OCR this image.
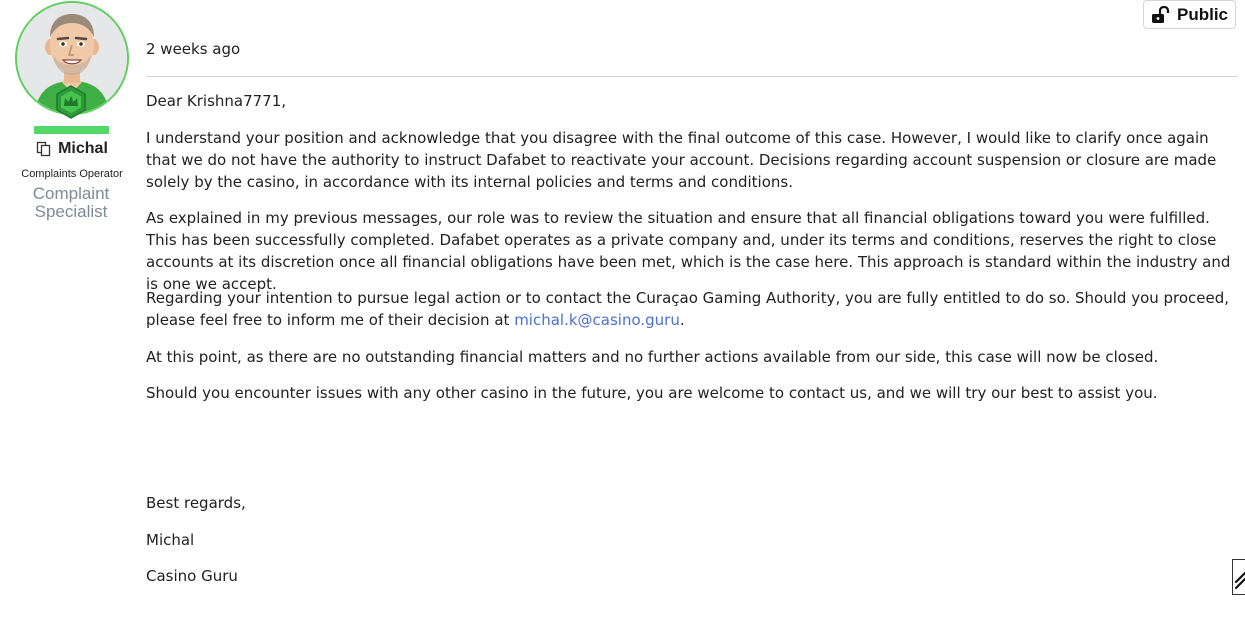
Michal
Complaints Operator
Complaint Specialist
2 weeks ago
Public

Dear Krishna7771,

I understand your position and acknowledge that you disagree with the final outcome of this case. However, I would like to clarify once again that we do not have the authority to instruct Dafabet to reactivate your account. Decisions regarding account suspension or closure are made solely by the casino, in accordance with its internal policies and terms and conditions.

As explained in my previous messages, our role was to review the situation and ensure that all financial obligations toward you were fulfilled. This has been successfully completed. Dafabet operates as a private company and, under its terms and conditions, reserves the right to close accounts at its discretion once all financial obligations have been met, which is the case here. This approach is standard within the industry and is one we accept.

Regarding your intention to pursue legal action or to contact the Curaçao Gaming Authority, you are fully entitled to do so. Should you proceed, please feel free to inform me of their decision at michal.k@casino.guru.

At this point, as there are no outstanding financial matters and no further actions available from our side, this case will now be closed.

Should you encounter issues with any other casino in the future, you are welcome to contact us, and we will try our best to assist you.

Best regards,

Michal

Casino Guru
